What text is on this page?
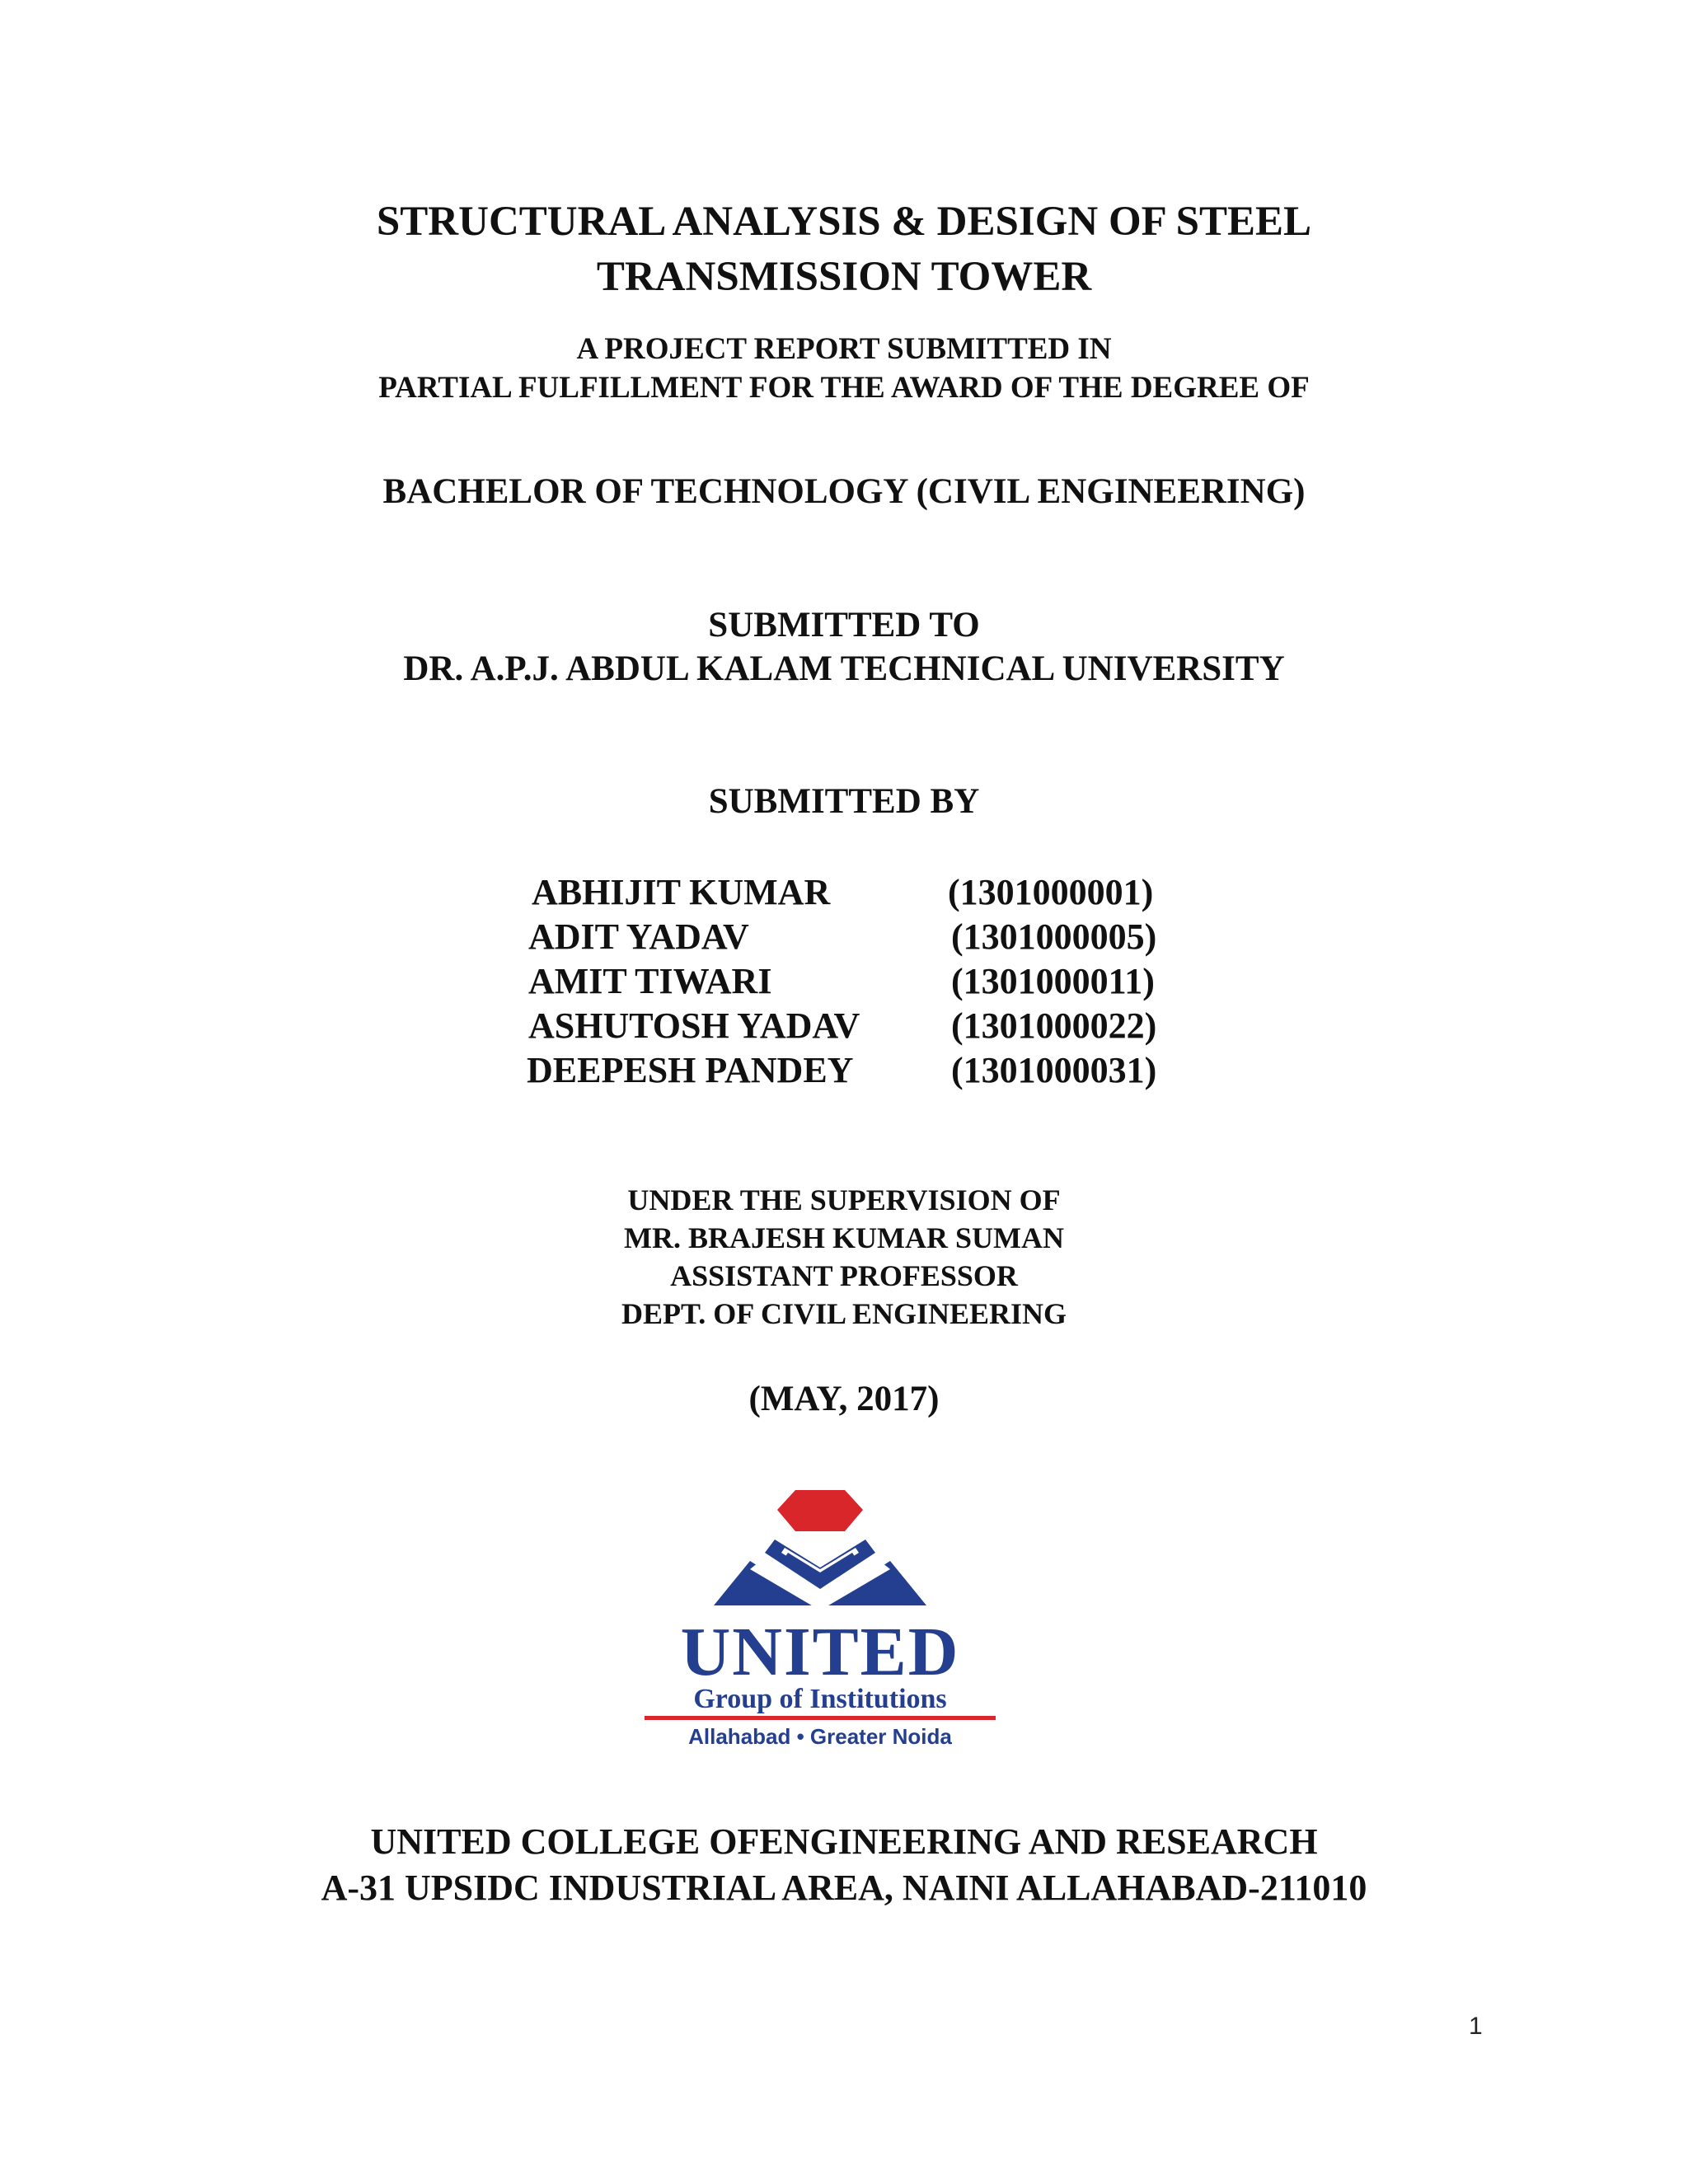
STRUCTURAL ANALYSIS & DESIGN OF STEEL
TRANSMISSION TOWER
A PROJECT REPORT SUBMITTED IN
PARTIAL FULFILLMENT FOR THE AWARD OF THE DEGREE OF
BACHELOR OF TECHNOLOGY (CIVIL ENGINEERING)
SUBMITTED TO
DR. A.P.J. ABDUL KALAM TECHNICAL UNIVERSITY
SUBMITTED BY
ABHIJIT KUMAR	(1301000001)
ADIT YADAV	(1301000005)
AMIT TIWARI	(1301000011)
ASHUTOSH YADAV	(1301000022)
DEEPESH PANDEY	(1301000031)
UNDER THE SUPERVISION OF
MR. BRAJESH KUMAR SUMAN
ASSISTANT PROFESSOR
DEPT. OF CIVIL ENGINEERING
(MAY, 2017)
UNITED
Group of Institutions
Allahabad • Greater Noida
UNITED COLLEGE OFENGINEERING AND RESEARCH
A-31 UPSIDC INDUSTRIAL AREA, NAINI ALLAHABAD-211010
1
